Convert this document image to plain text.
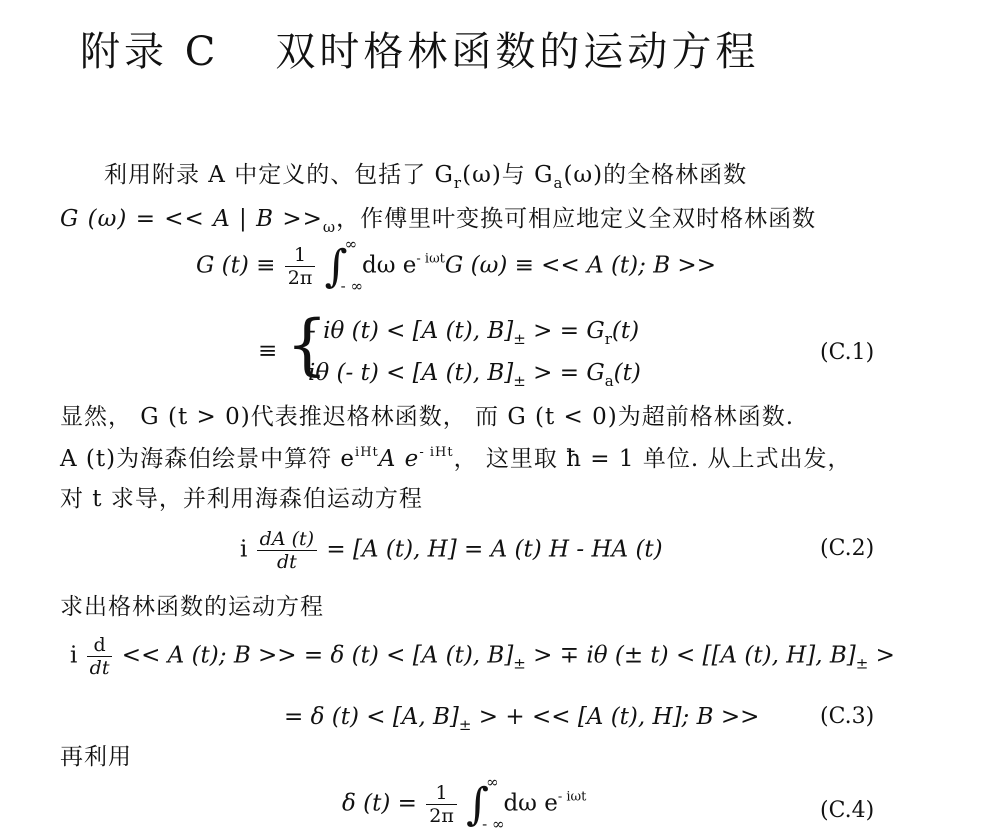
附录 C 双时格林函数的运动方程
利用附录 A 中定义的、包括了 $G_r(\omega)$与 $G_a(\omega)$的全格林函数
G (ω) = << A | $B >>_\omega$，作傅里叶变换可相应地定义全双时格林函数
G $(t) \equiv \frac{1}{2\pi}$ ∫
∞
- ∞
dω $e^{- i\omega t}G$ (ω) ≡ << A (t); B >>
≡ {
- iθ (t) < [A (t), $B]_\pm$ > = $G_r(t)$
iθ (- t) < [A (t), $B]_\pm$ > = $G_a(t)$
(C.1)
显然， G (t > 0)代表推迟格林函数， 而 G (t < 0)为超前格林函数.
A (t)为海森伯绘景中算符 $e^{iHt}A$ $e^{- iHt}$， 这里取 ħ = 1 单位. 从上式出发，
对 t 求导，并利用海森伯运动方程
i $\frac{dA (t)}{dt} = [A$ (t), H] = A (t) H - HA (t)	(C.2)
求出格林函数的运动方程
i $\frac{d}{dt} << A$ (t); B >> = δ (t) < [A (t), $B]_\pm$ > ∓ iθ (± t) < [[A (t), H], $B]_\pm$ >
= δ (t) < [A, $B]_\pm$ > + << [A (t), H]; B >>	(C.3)
再利用
δ $(t) = \frac{1}{2\pi}$ ∫
∞
- ∞
dω $e^{- i\omega t}$
(C.4)
